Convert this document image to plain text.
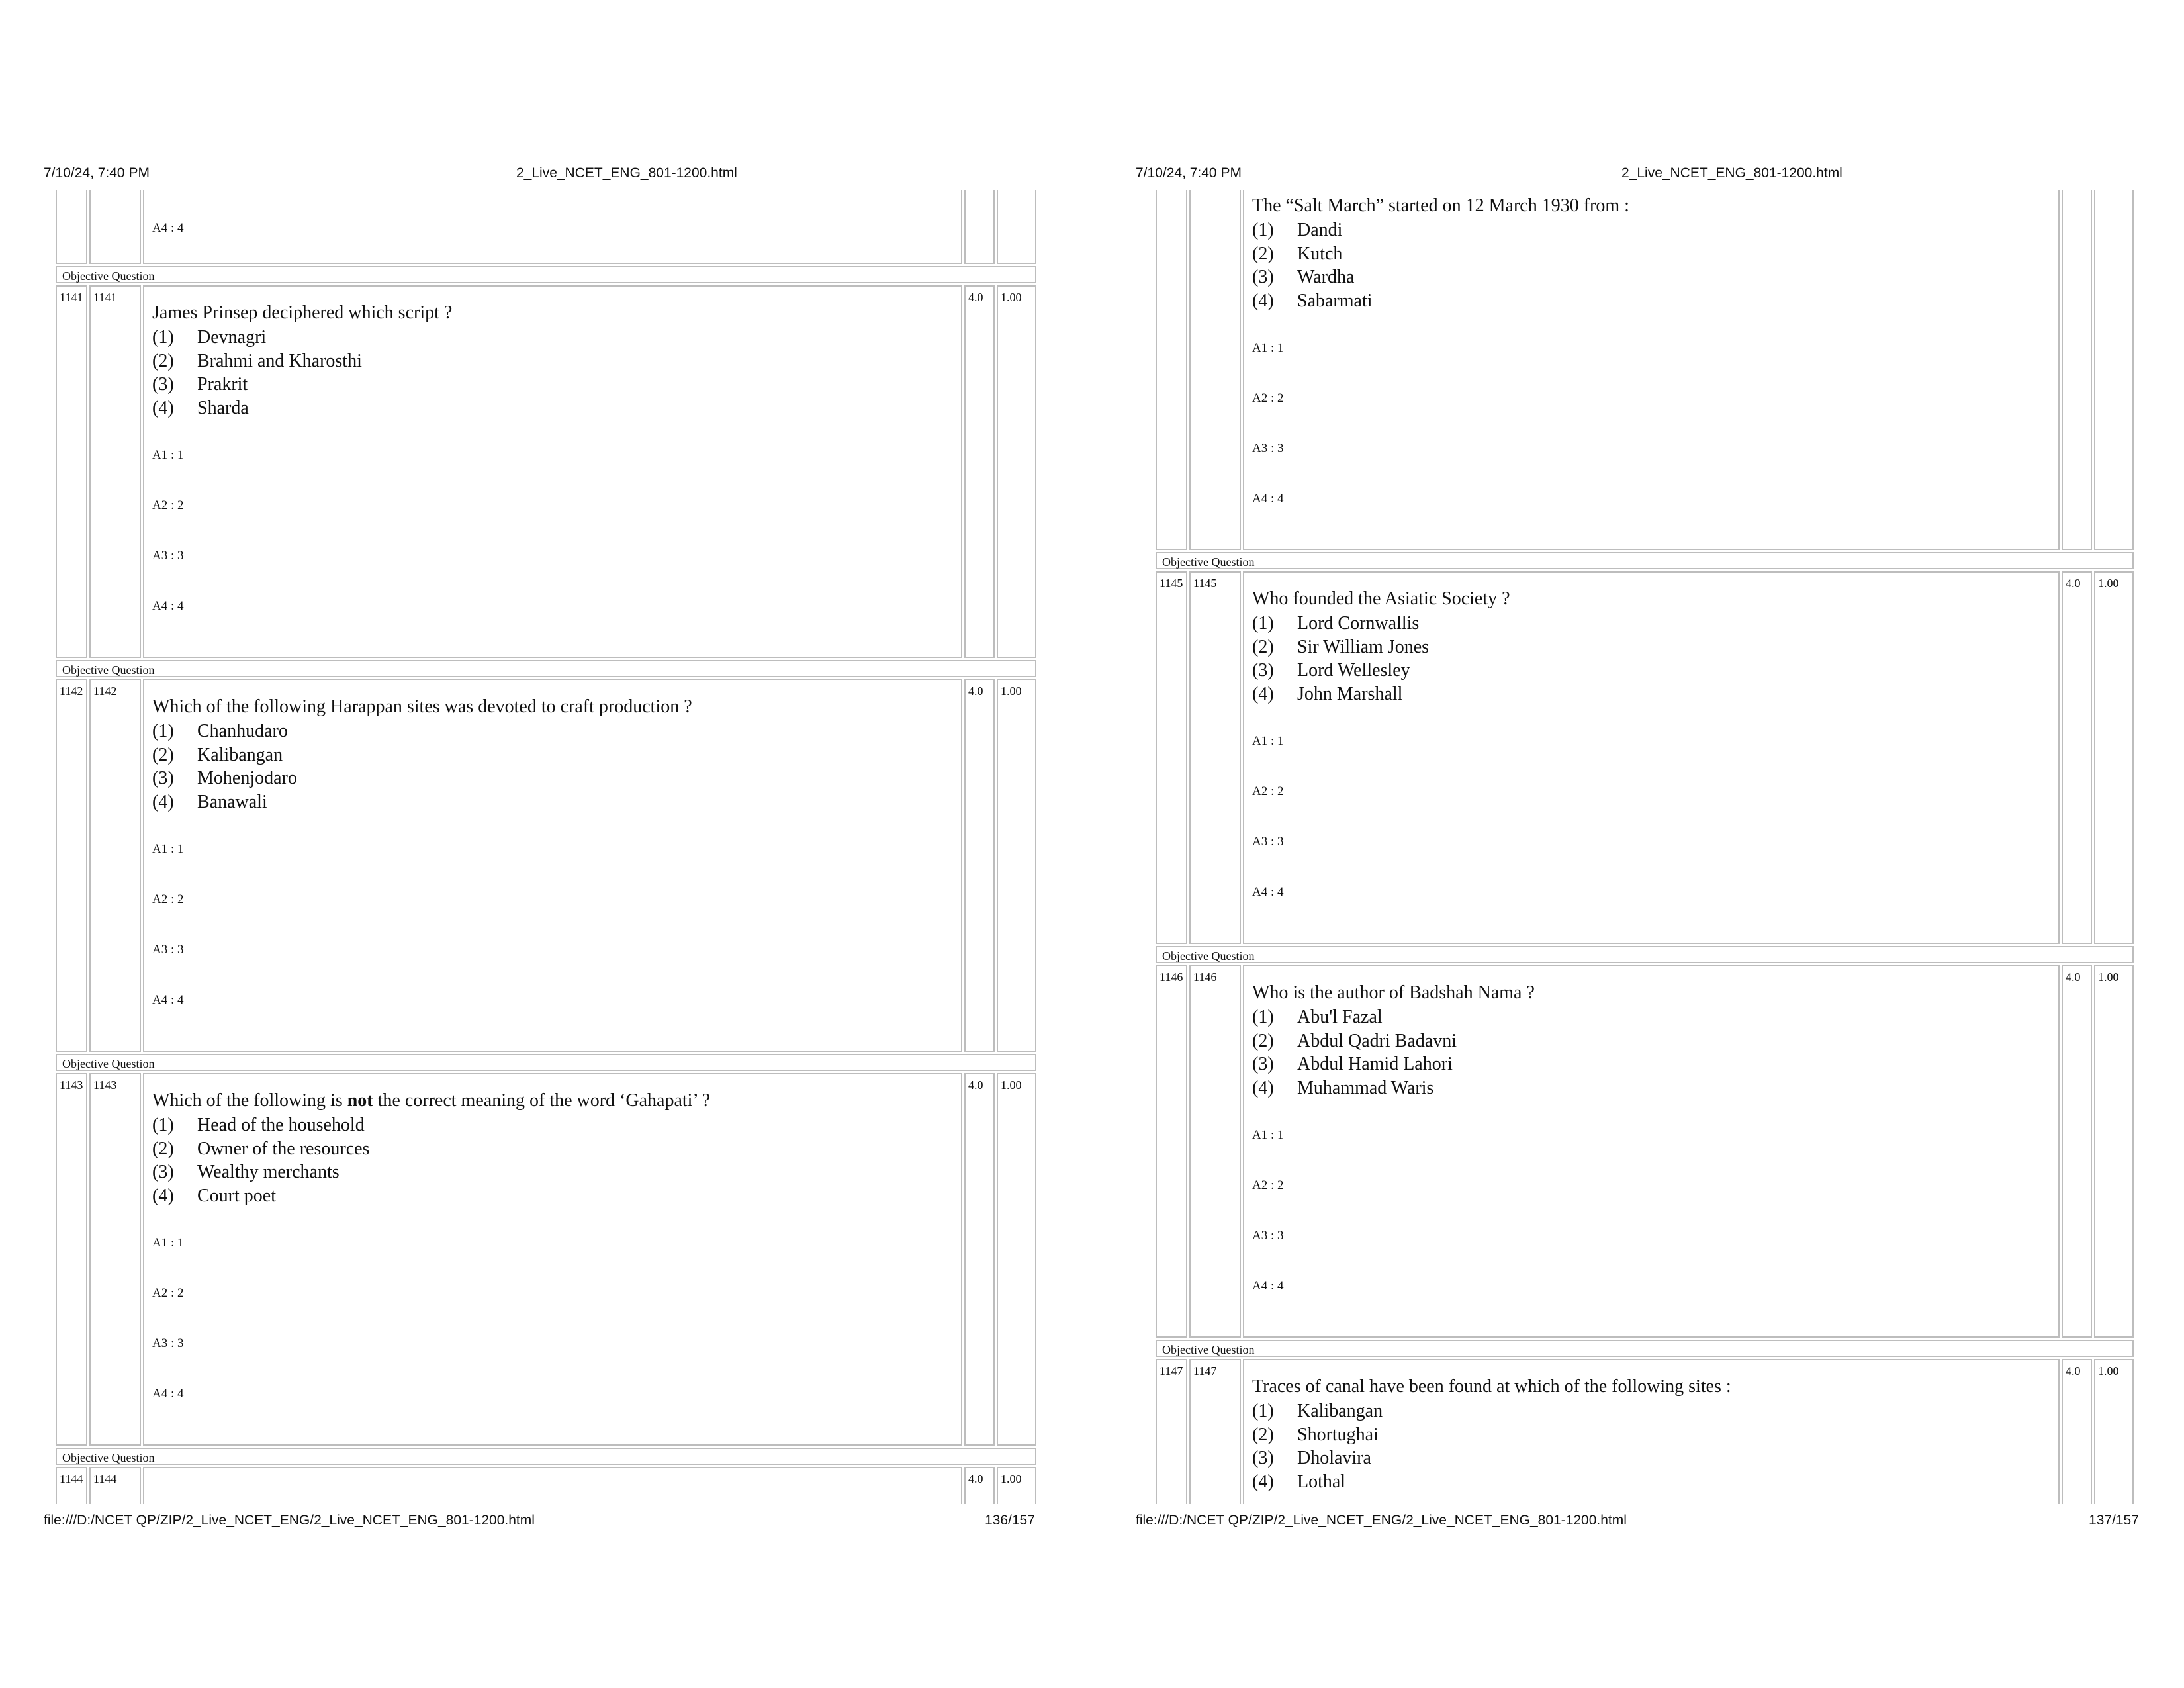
7/10/24, 7:40 PM	2_Live_NCET_ENG_801-1200.html
A4 : 4
Objective Question
1141 1141
James Prinsep deciphered which script ?
(1)	Devnagri
(2)	Brahmi and Kharosthi
(3)	Prakrit
(4)	Sharda
A1 : 1
A2 : 2
A3 : 3
A4 : 4
4.0	1.00
Objective Question
1142 1142
Which of the following Harappan sites was devoted to craft production ?
(1)	Chanhudaro
(2)	Kalibangan
(3)	Mohenjodaro
(4)	Banawali
A1 : 1
A2 : 2
A3 : 3
A4 : 4
4.0	1.00
Objective Question
1143 1143
Which of the following is not the correct meaning of the word ‘Gahapati’ ?
(1)	Head of the household
(2)	Owner of the resources
(3)	Wealthy merchants
(4)	Court poet
A1 : 1
A2 : 2
A3 : 3
A4 : 4
4.0	1.00
Objective Question
1144 1144	4.0	1.00
file:///D:/NCET QP/ZIP/2_Live_NCET_ENG/2_Live_NCET_ENG_801-1200.html	136/157
7/10/24, 7:40 PM	2_Live_NCET_ENG_801-1200.html
The “Salt March” started on 12 March 1930 from :
(1)	Dandi
(2)	Kutch
(3)	Wardha
(4)	Sabarmati
A1 : 1
A2 : 2
A3 : 3
A4 : 4
Objective Question
1145 1145
Who founded the Asiatic Society ?
(1)	Lord Cornwallis
(2)	Sir William Jones
(3)	Lord Wellesley
(4)	John Marshall
A1 : 1
A2 : 2
A3 : 3
A4 : 4
4.0	1.00
Objective Question
1146 1146
Who is the author of Badshah Nama ?
(1)	Abu'l Fazal
(2)	Abdul Qadri Badavni
(3)	Abdul Hamid Lahori
(4)	Muhammad Waris
A1 : 1
A2 : 2
A3 : 3
A4 : 4
4.0	1.00
Objective Question
1147 1147
Traces of canal have been found at which of the following sites :
(1)	Kalibangan
(2)	Shortughai
(3)	Dholavira
(4)	Lothal
4.0	1.00
file:///D:/NCET QP/ZIP/2_Live_NCET_ENG/2_Live_NCET_ENG_801-1200.html	137/157
